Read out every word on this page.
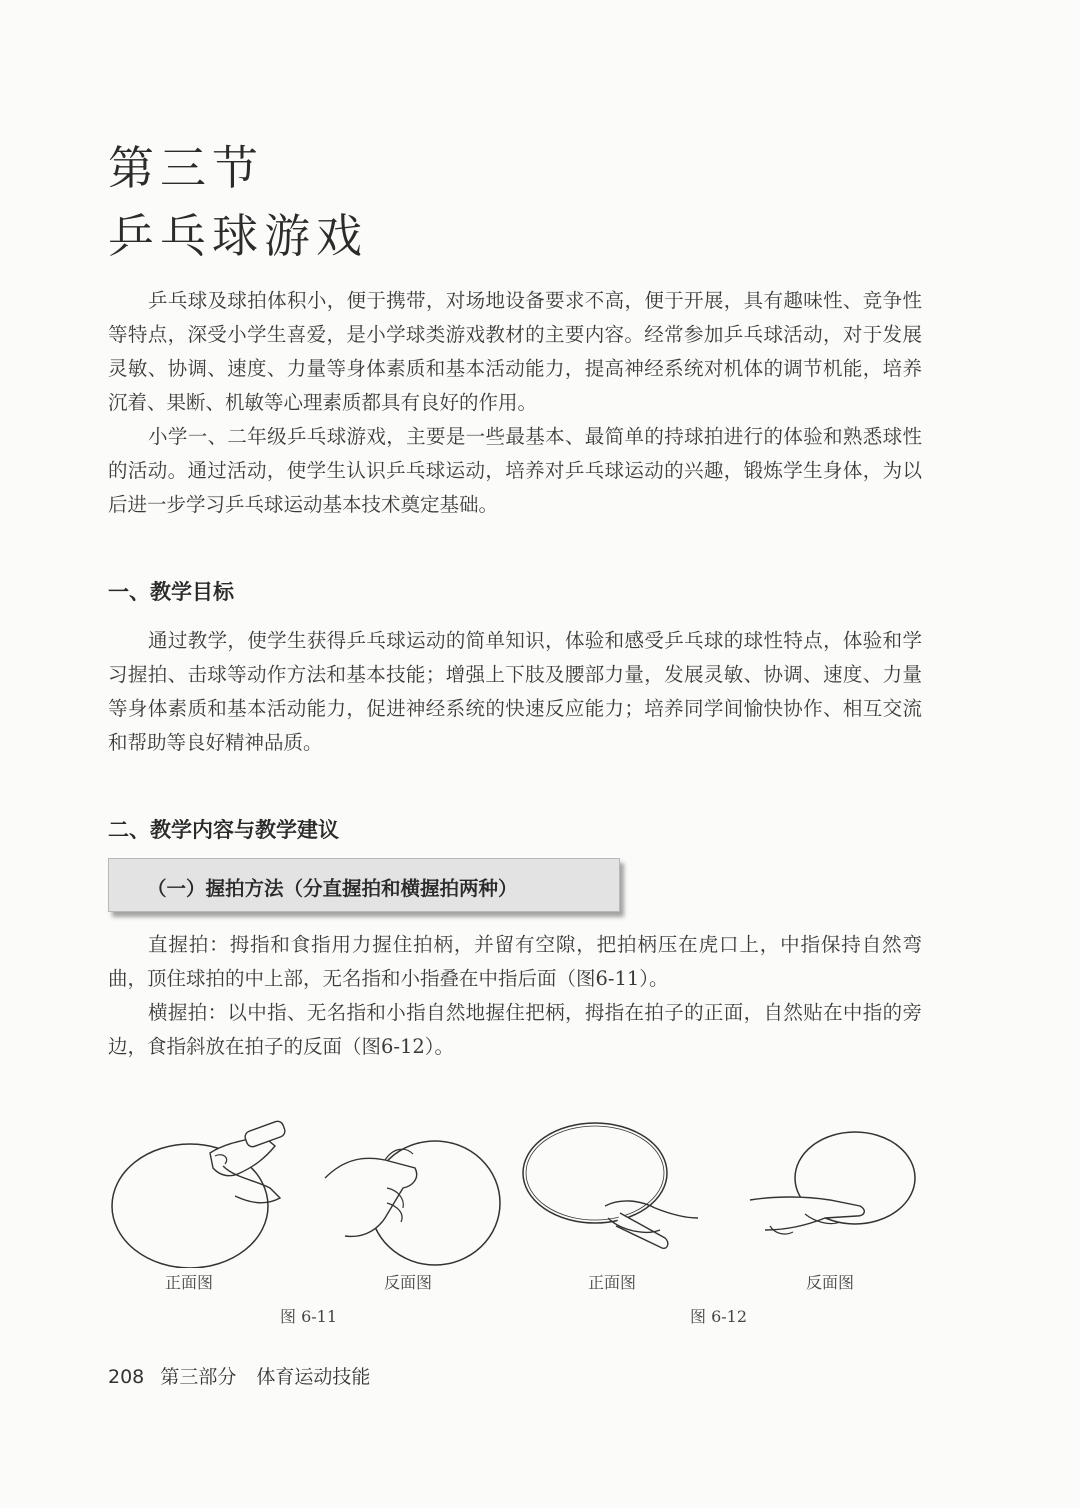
第三节
乒乓球游戏

乒乓球及球拍体积小，便于携带，对场地设备要求不高，便于开展，具有趣味性、竞争性等特点，深受小学生喜爱，是小学球类游戏教材的主要内容。经常参加乒乓球活动，对于发展灵敏、协调、速度、力量等身体素质和基本活动能力，提高神经系统对机体的调节机能，培养沉着、果断、机敏等心理素质都具有良好的作用。

小学一、二年级乒乓球游戏，主要是一些最基本、最简单的持球拍进行的体验和熟悉球性的活动。通过活动，使学生认识乒乓球运动，培养对乒乓球运动的兴趣，锻炼学生身体，为以后进一步学习乒乓球运动基本技术奠定基础。

一、教学目标

通过教学，使学生获得乒乓球运动的简单知识，体验和感受乒乓球的球性特点，体验和学习握拍、击球等动作方法和基本技能；增强上下肢及腰部力量，发展灵敏、协调、速度、力量等身体素质和基本活动能力，促进神经系统的快速反应能力；培养同学间愉快协作、相互交流和帮助等良好精神品质。

二、教学内容与教学建议
（一）握拍方法（分直握拍和横握拍两种）

直握拍：拇指和食指用力握住拍柄，并留有空隙，把拍柄压在虎口上，中指保持自然弯曲，顶住球拍的中上部，无名指和小指叠在中指后面（图6-11）。

横握拍：以中指、无名指和小指自然地握住把柄，拇指在拍子的正面，自然贴在中指的旁边，食指斜放在拍子的反面（图6-12）。

正面图	反面图	正面图	反面图
图 6-11	图 6-12
208 第三部分 体育运动技能
